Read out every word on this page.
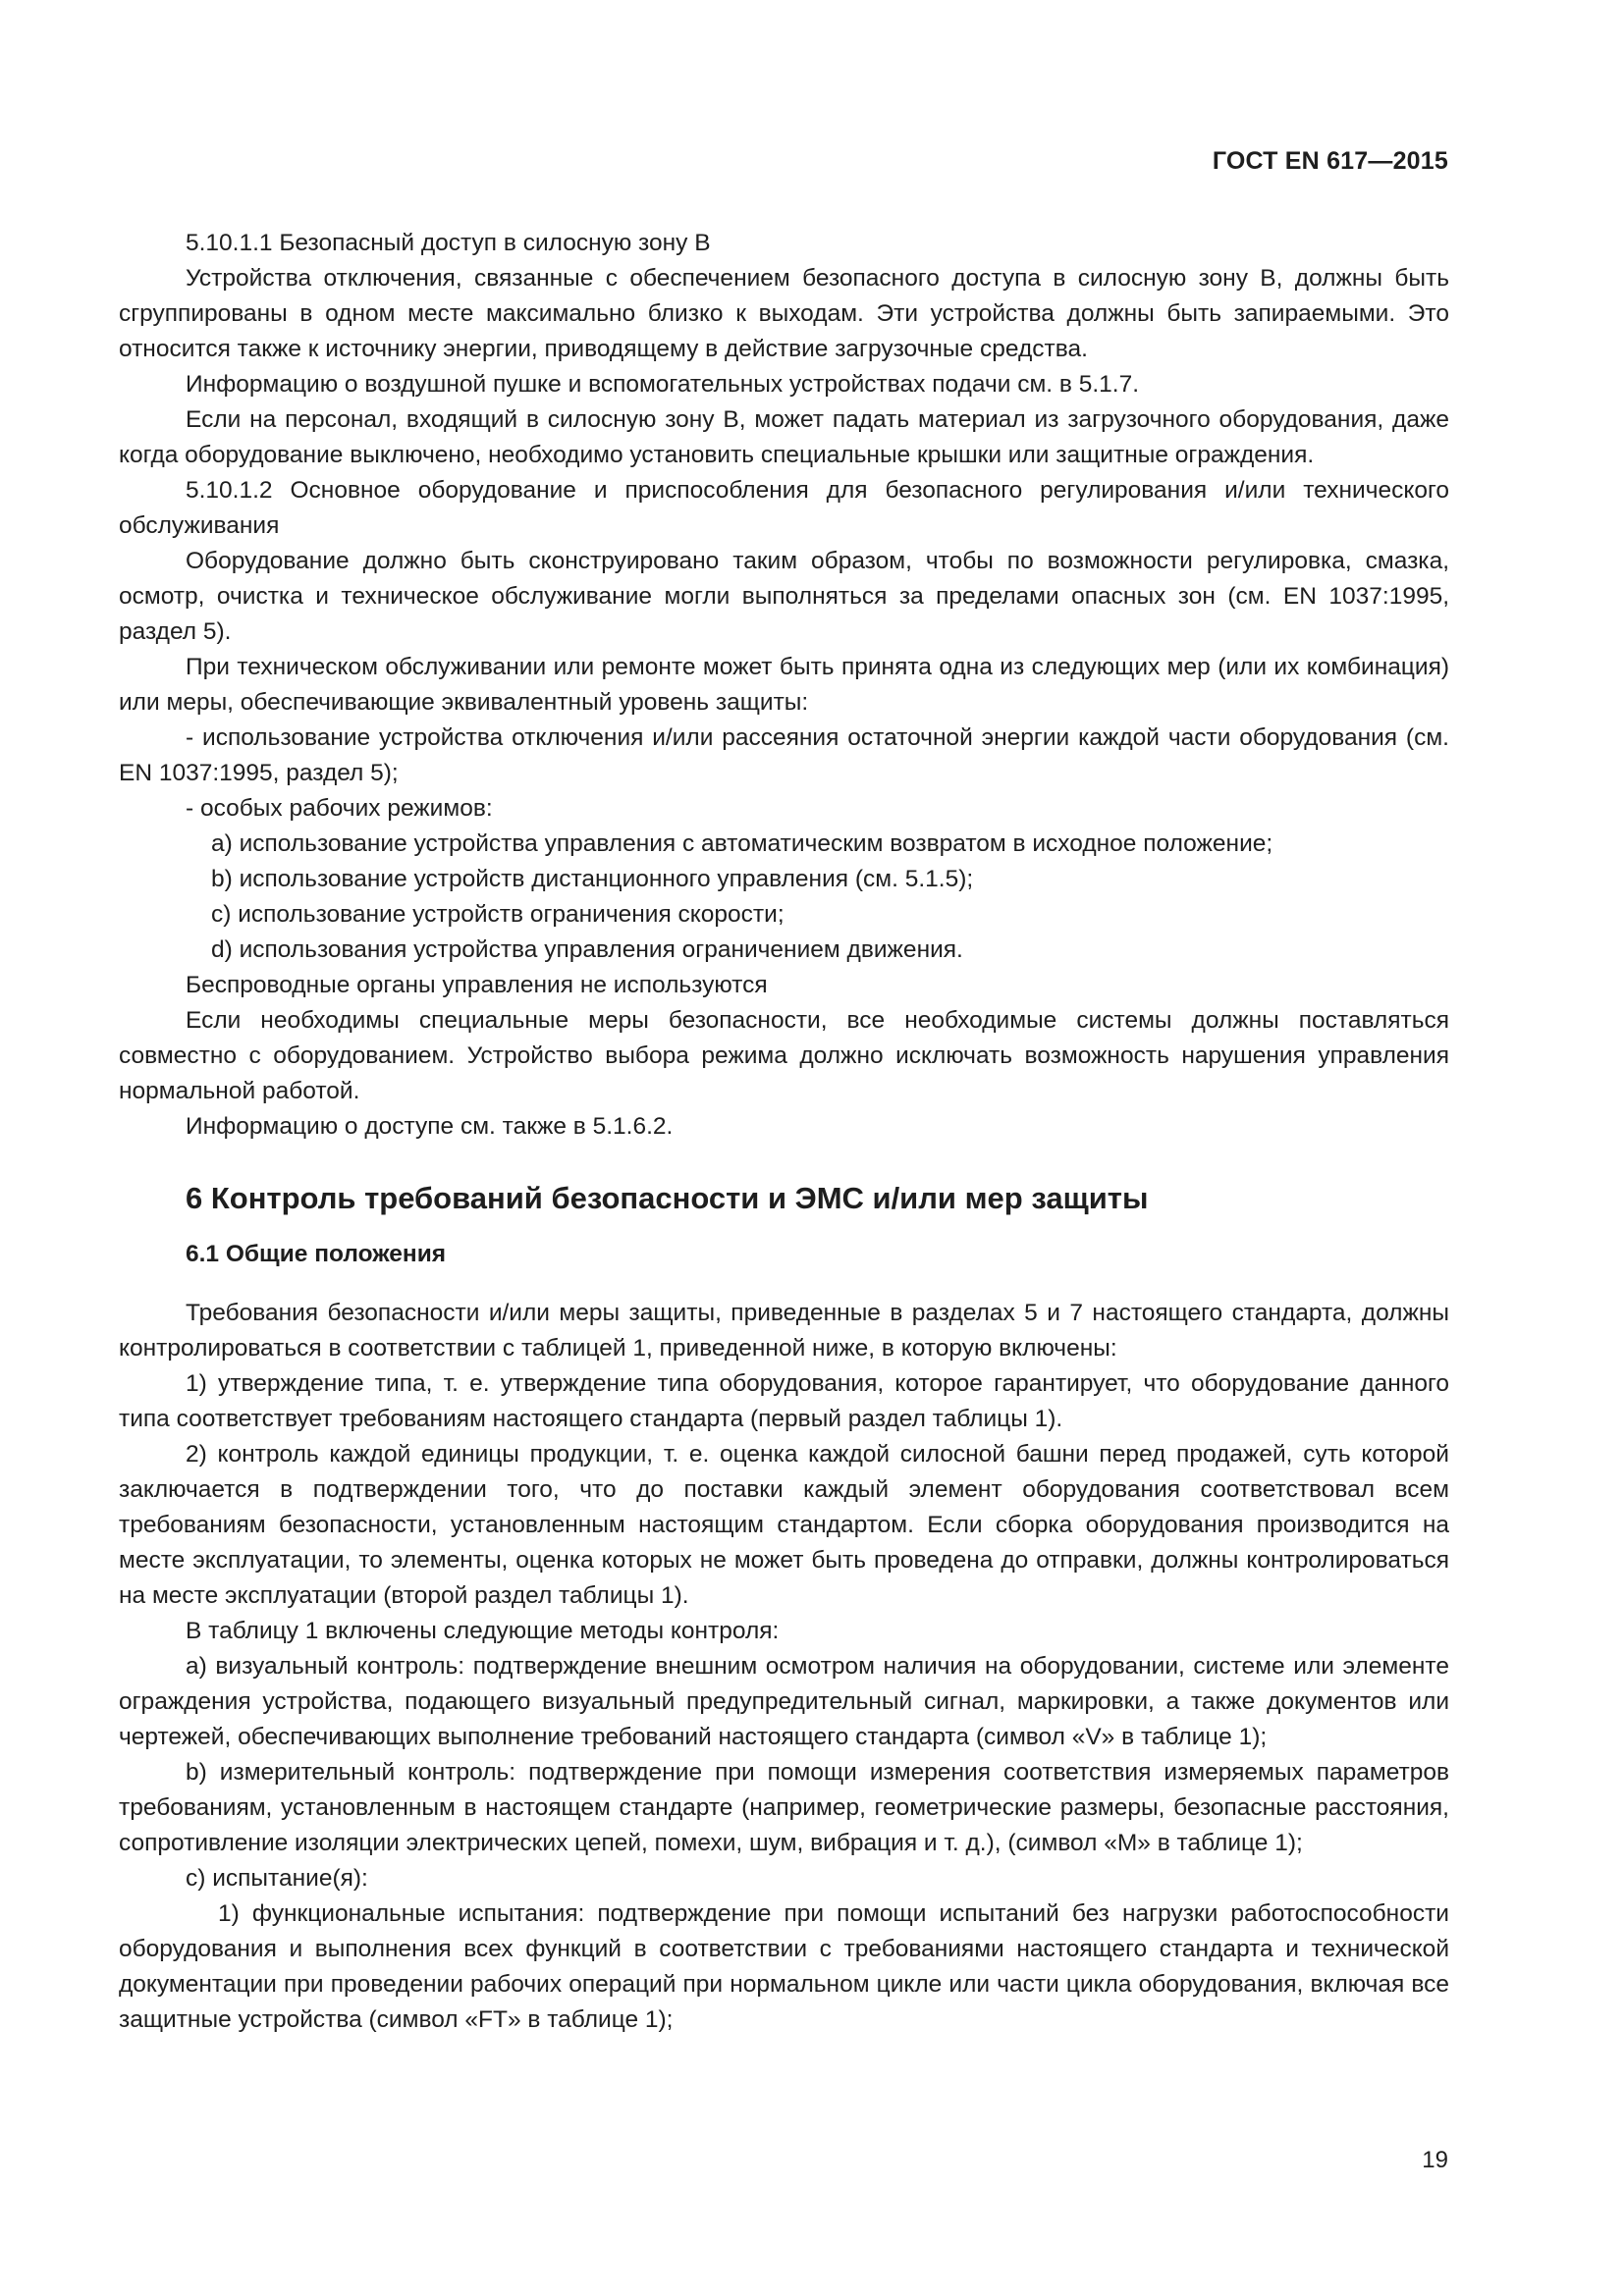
ГОСТ EN 617—2015

5.10.1.1 Безопасный доступ в силосную зону B

Устройства отключения, связанные с обеспечением безопасного доступа в силосную зону B, должны быть сгруппированы в одном месте максимально близко к выходам. Эти устройства должны быть запираемыми. Это относится также к источнику энергии, приводящему в действие загрузочные средства.

Информацию о воздушной пушке и вспомогательных устройствах подачи см. в 5.1.7.

Если на персонал, входящий в силосную зону B, может падать материал из загрузочного оборудования, даже когда оборудование выключено, необходимо установить специальные крышки или защитные ограждения.

5.10.1.2 Основное оборудование и приспособления для безопасного регулирования и/или технического обслуживания

Оборудование должно быть сконструировано таким образом, чтобы по возможности регулировка, смазка, осмотр, очистка и техническое обслуживание могли выполняться за пределами опасных зон (см. EN 1037:1995, раздел 5).

При техническом обслуживании или ремонте может быть принята одна из следующих мер (или их комбинация) или меры, обеспечивающие эквивалентный уровень защиты:

- использование устройства отключения и/или рассеяния остаточной энергии каждой части оборудования (см. EN 1037:1995, раздел 5);

- особых рабочих режимов:

a) использование устройства управления с автоматическим возвратом в исходное положение;

b) использование устройств дистанционного управления (см. 5.1.5);

c) использование устройств ограничения скорости;

d) использования устройства управления ограничением движения.

Беспроводные органы управления не используются

Если необходимы специальные меры безопасности, все необходимые системы должны поставляться совместно с оборудованием. Устройство выбора режима должно исключать возможность нарушения управления нормальной работой.

Информацию о доступе см. также в 5.1.6.2.

6 Контроль требований безопасности и ЭМС и/или мер защиты
6.1 Общие положения

Требования безопасности и/или меры защиты, приведенные в разделах 5 и 7 настоящего стандарта, должны контролироваться в соответствии с таблицей 1, приведенной ниже, в которую включены:

1) утверждение типа, т. е. утверждение типа оборудования, которое гарантирует, что оборудование данного типа соответствует требованиям настоящего стандарта (первый раздел таблицы 1).

2) контроль каждой единицы продукции, т. е. оценка каждой силосной башни перед продажей, суть которой заключается в подтверждении того, что до поставки каждый элемент оборудования соответствовал всем требованиям безопасности, установленным настоящим стандартом. Если сборка оборудования производится на месте эксплуатации, то элементы, оценка которых не может быть проведена до отправки, должны контролироваться на месте эксплуатации (второй раздел таблицы 1).

В таблицу 1 включены следующие методы контроля:

a) визуальный контроль: подтверждение внешним осмотром наличия на оборудовании, системе или элементе ограждения устройства, подающего визуальный предупредительный сигнал, маркировки, а также документов или чертежей, обеспечивающих выполнение требований настоящего стандарта (символ «V» в таблице 1);

b) измерительный контроль: подтверждение при помощи измерения соответствия измеряемых параметров требованиям, установленным в настоящем стандарте (например, геометрические размеры, безопасные расстояния, сопротивление изоляции электрических цепей, помехи, шум, вибрация и т. д.), (символ «M» в таблице 1);

c) испытание(я):

1) функциональные испытания: подтверждение при помощи испытаний без нагрузки работоспособности оборудования и выполнения всех функций в соответствии с требованиями настоящего стандарта и технической документации при проведении рабочих операций при нормальном цикле или части цикла оборудования, включая все защитные устройства (символ «FT» в таблице 1);

19
